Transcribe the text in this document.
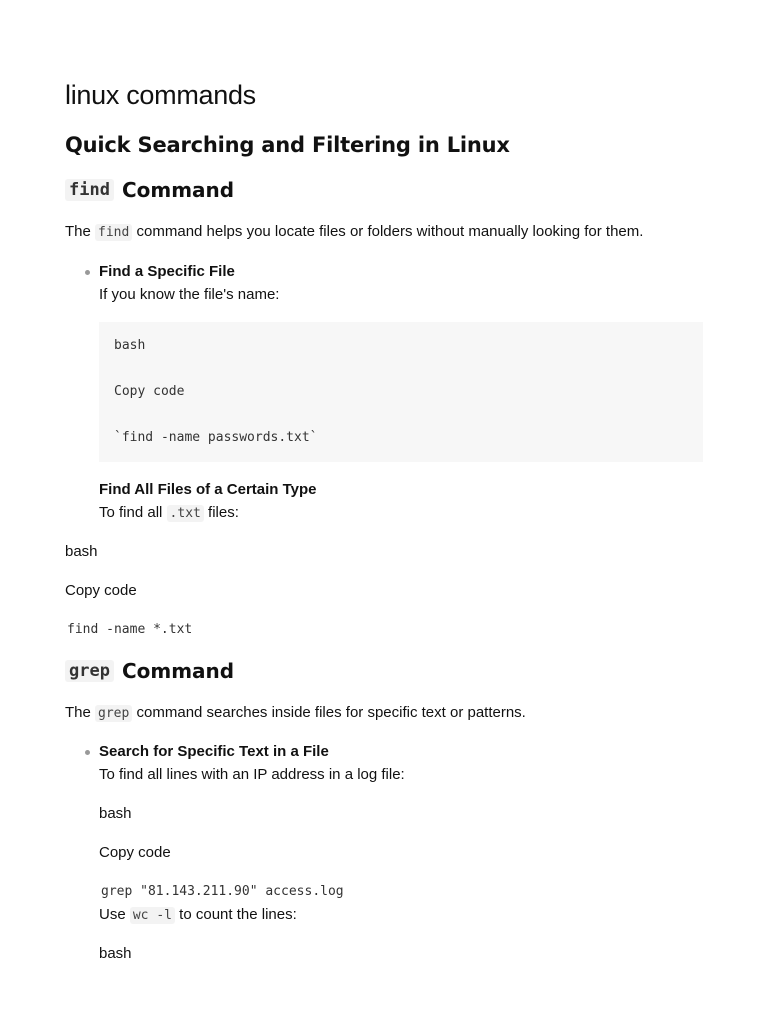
linux commands
Quick Searching and Filtering in Linux
find Command

The find command helps you locate files or folders without manually looking for them.

Find a Specific File

If you know the file's name:

bash

Copy code

`find -name passwords.txt`

Find All Files of a Certain Type

To find all .txt files:

bash

Copy code

find -name *.txt

grep Command

The grep command searches inside files for specific text or patterns.

Search for Specific Text in a File

To find all lines with an IP address in a log file:

bash

Copy code

grep "81.143.211.90" access.log

Use wc -l to count the lines:

bash
